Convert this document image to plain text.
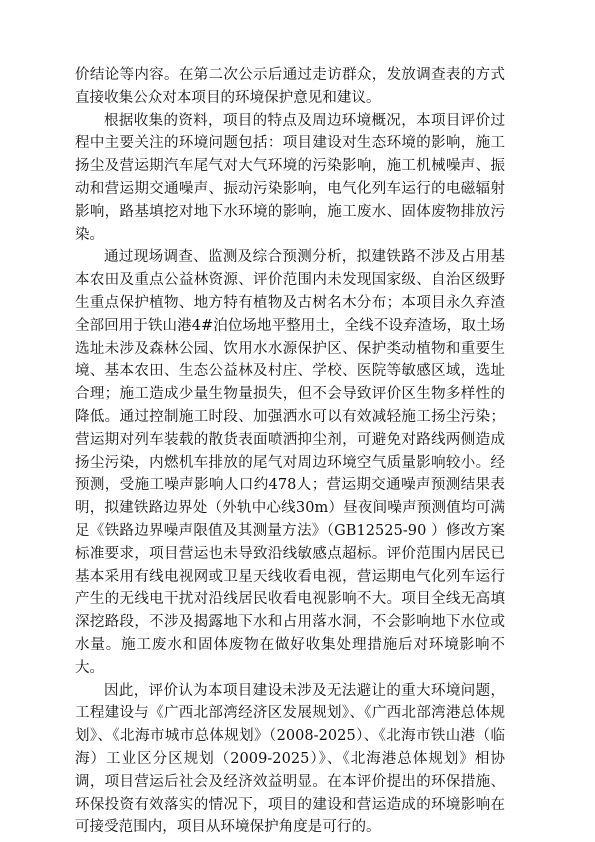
价结论等内容。在第二次公示后通过走访群众，发放调查表的方式直接收集公众对本项目的环境保护意见和建议。

根据收集的资料，项目的特点及周边环境概况，本项目评价过程中主要关注的环境问题包括：项目建设对生态环境的影响，施工扬尘及营运期汽车尾气对大气环境的污染影响，施工机械噪声、振动和营运期交通噪声、振动污染影响，电气化列车运行的电磁辐射影响，路基填挖对地下水环境的影响，施工废水、固体废物排放污染。

通过现场调查、监测及综合预测分析，拟建铁路不涉及占用基本农田及重点公益林资源、评价范围内未发现国家级、自治区级野生重点保护植物、地方特有植物及古树名木分布；本项目永久弃渣全部回用于铁山港4#泊位场地平整用土，全线不设弃渣场，取土场选址未涉及森林公园、饮用水水源保护区、保护类动植物和重要生境、基本农田、生态公益林及村庄、学校、医院等敏感区域，选址合理；施工造成少量生物量损失，但不会导致评价区生物多样性的降低。通过控制施工时段、加强洒水可以有效减轻施工扬尘污染；营运期对列车装载的散货表面喷洒抑尘剂，可避免对路线两侧造成扬尘污染，内燃机车排放的尾气对周边环境空气质量影响较小。经预测，受施工噪声影响人口约478人；营运期交通噪声预测结果表明，拟建铁路边界处（外轨中心线30m）昼夜间噪声预测值均可满足《铁路边界噪声限值及其测量方法》（GB12525-90 ）修改方案标准要求，项目营运也未导致沿线敏感点超标。评价范围内居民已基本采用有线电视网或卫星天线收看电视，营运期电气化列车运行产生的无线电干扰对沿线居民收看电视影响不大。项目全线无高填深挖路段，不涉及揭露地下水和占用落水洞，不会影响地下水位或水量。施工废水和固体废物在做好收集处理措施后对环境影响不大。

因此，评价认为本项目建设未涉及无法避让的重大环境问题，工程建设与《广西北部湾经济区发展规划》、《广西北部湾港总体规划》、《北海市城市总体规划》（2008-2025）、《北海市铁山港（临海）工业区分区规划（2009-2025）》、《北海港总体规划》相协调，项目营运后社会及经济效益明显。在本评价提出的环保措施、环保投资有效落实的情况下，项目的建设和营运造成的环境影响在可接受范围内，项目从环境保护角度是可行的。
